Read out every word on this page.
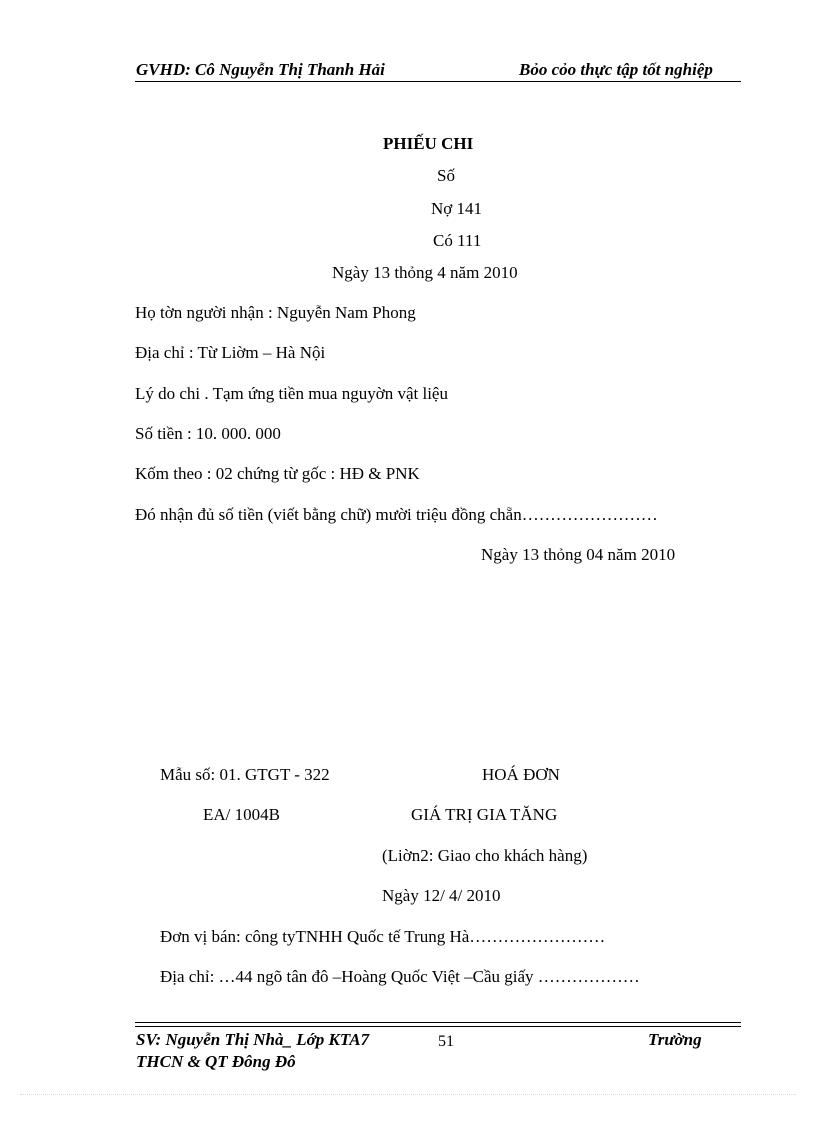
GVHD: Cô Nguyễn Thị Thanh Hải	Bỏo cỏo thực tập tốt nghiệp
PHIẾU CHI
Số
Nợ 141
Có 111
Ngày 13 thỏng 4 năm 2010
Họ tờn người nhận : Nguyễn Nam Phong
Địa chỉ : Từ Liờm – Hà Nội
Lý do chi . Tạm ứng tiền mua nguyờn vật liệu
Số tiền : 10. 000. 000
Kốm theo : 02 chứng từ gốc : HĐ & PNK
Đó nhận đủ số tiền (viết bằng chữ) mười triệu đồng chẵn……………………
Ngày 13 thỏng 04 năm 2010
Mẫu số: 01. GTGT - 322	HOÁ ĐƠN
EA/ 1004B	GIÁ TRỊ GIA TĂNG
(Liờn2: Giao cho khách hàng)
Ngày 12/ 4/ 2010
Đơn vị bán: công tyTNHH Quốc tế Trung Hà……………………
Địa chỉ: …44 ngõ tân đô –Hoàng Quốc Việt –Cầu giấy ………………
SV: Nguyễn Thị Nhà_ Lớp KTA7	51	Trường
THCN & QT Đông Đô
